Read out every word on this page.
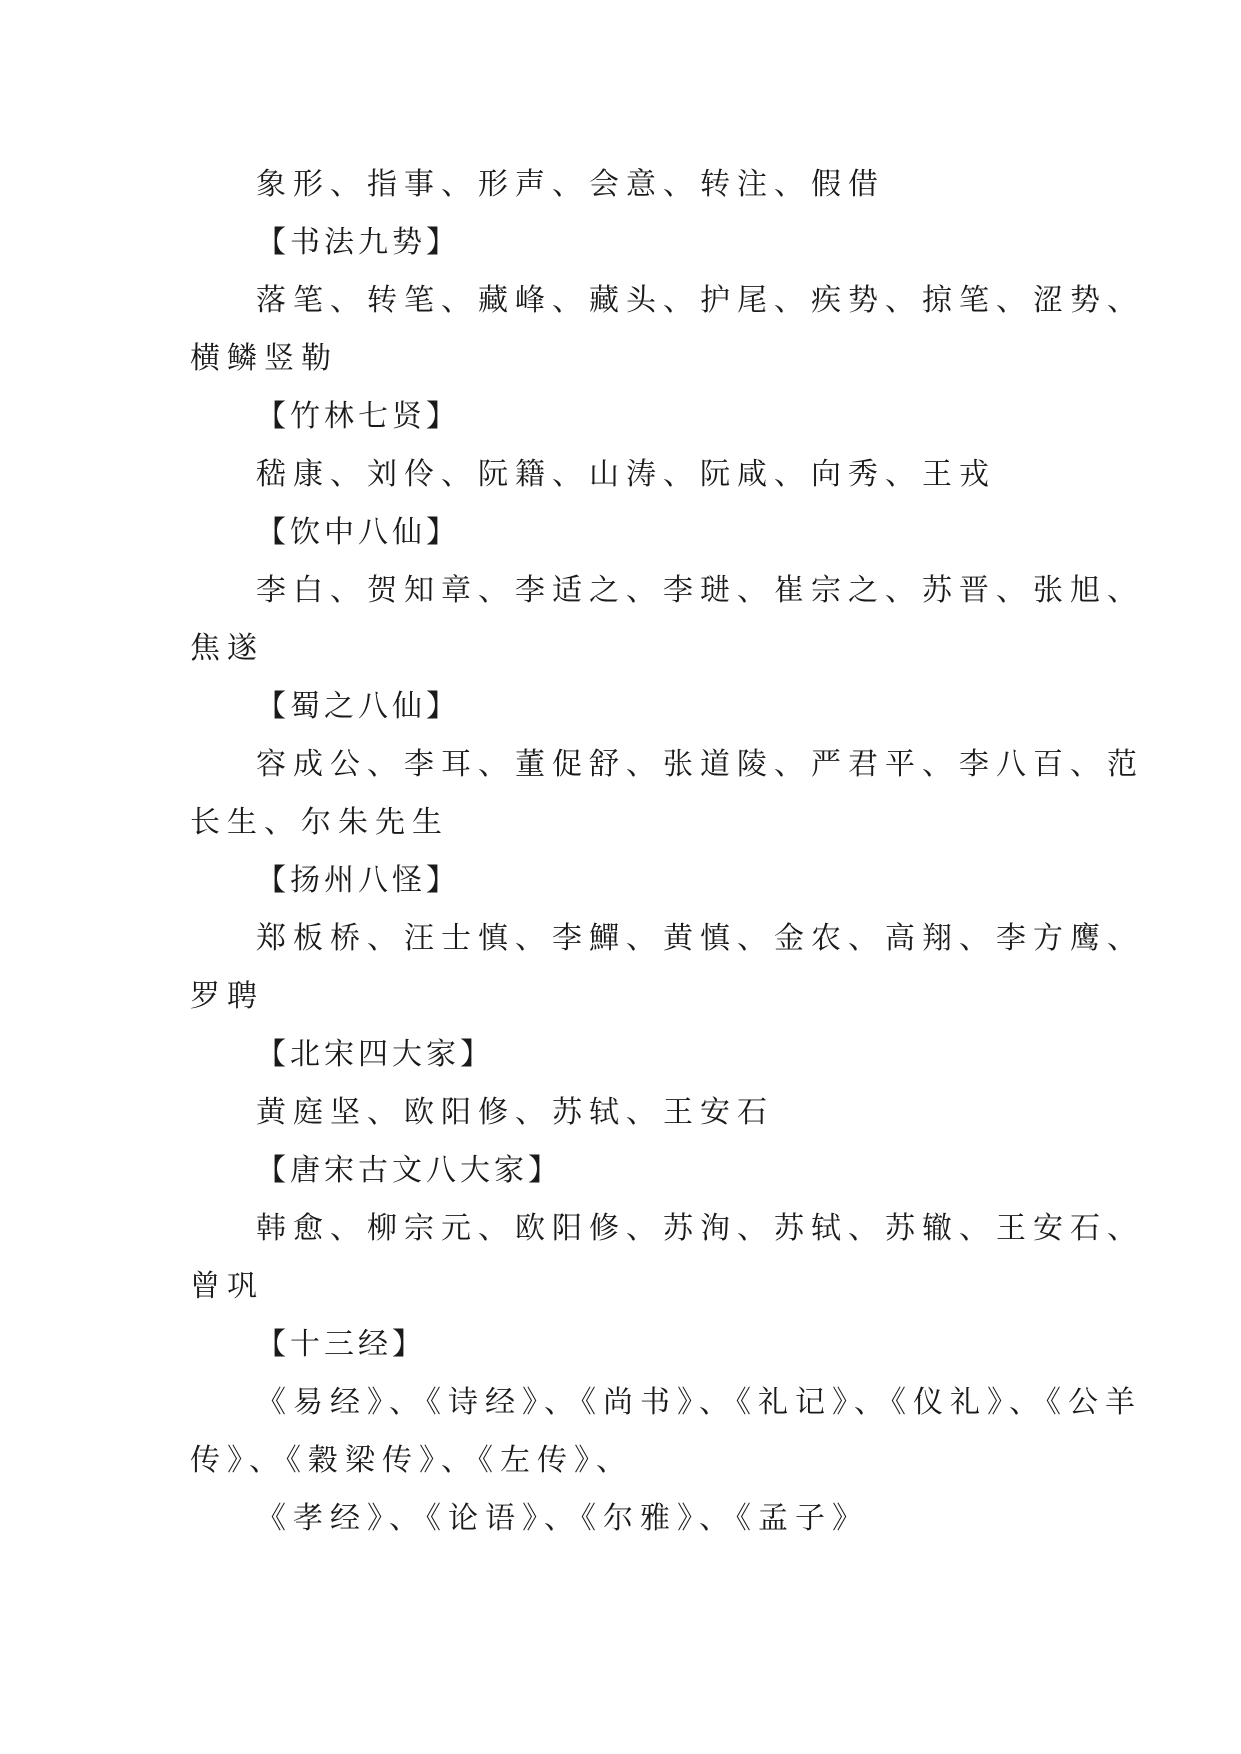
象形、指事、形声、会意、转注、假借
【书法九势】
落笔、转笔、藏峰、藏头、护尾、疾势、掠笔、涩势、
横鳞竖勒
【竹林七贤】
嵇康、刘伶、阮籍、山涛、阮咸、向秀、王戎
【饮中八仙】
李白、贺知章、李适之、李琎、崔宗之、苏晋、张旭、
焦遂
【蜀之八仙】
容成公、李耳、董促舒、张道陵、严君平、李八百、范
长生、尔朱先生
【扬州八怪】
郑板桥、汪士慎、李鱓、黄慎、金农、高翔、李方鹰、
罗聘
【北宋四大家】
黄庭坚、欧阳修、苏轼、王安石
【唐宋古文八大家】
韩愈、柳宗元、欧阳修、苏洵、苏轼、苏辙、王安石、
曾巩
【十三经】
《易经》、《诗经》、《尚书》、《礼记》、《仪礼》、《公羊
传》、《穀梁传》、《左传》、
《孝经》、《论语》、《尔雅》、《孟子》
